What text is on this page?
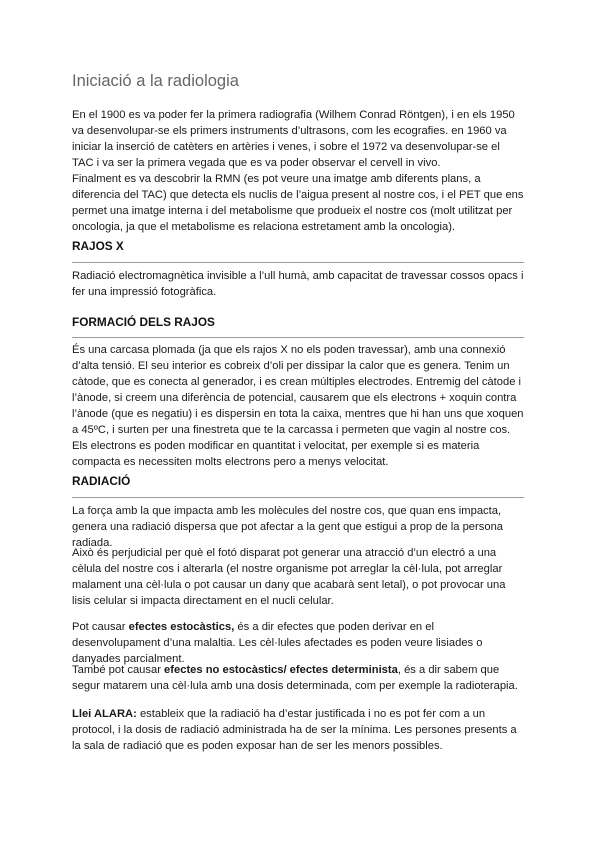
Iniciació a la radiologia

En el 1900 es va poder fer la primera radiografia (Wilhem Conrad Röntgen), i en els 1950 va desenvolupar-se els primers instruments d’ultrasons, com les ecografies. en 1960 va iniciar la inserció de catèters en artèries i venes, i sobre el 1972 va desenvolupar-se el TAC i va ser la primera vegada que es va poder observar el cervell in vivo.

Finalment es va descobrir la RMN (es pot veure una imatge amb diferents plans, a diferencia del TAC) que detecta els nuclis de l’aigua present al nostre cos, i el PET que ens permet una imatge interna i del metabolisme que produeix el nostre cos (molt utilitzat per oncologia, ja que el metabolisme es relaciona estretament amb la oncologia).

RAJOS X

Radiació electromagnètica invisible a l’ull humà, amb capacitat de travessar cossos opacs i fer una impressió fotogràfica.

FORMACIÓ DELS RAJOS

És una carcasa plomada (ja que els rajos X no els poden travessar), amb una connexió d’alta tensió. El seu interior es cobreix d’oli per dissipar la calor que es genera. Tenim un càtode, que es conecta al generador, i es crean múltiples electrodes. Entremig del càtode i l’ànode, si creem una diferència de potencial, causarem que els electrons + xoquin contra l’ànode (que es negatiu) i es dispersin en tota la caixa, mentres que hi han uns que xoquen a 45ºC, i surten per una finestreta que te la carcassa i permeten que vagin al nostre cos. Els electrons es poden modificar en quantitat i velocitat, per exemple si es materia compacta es necessiten molts electrons pero a menys velocitat.

RADIACIÓ

La força amb la que impacta amb les molècules del nostre cos, que quan ens impacta, genera una radiació dispersa que pot afectar a la gent que estigui a prop de la persona radiada.

Això és perjudicial per què el fotó disparat pot generar una atracció d’un electró a una cèlula del nostre cos i alterarla (el nostre organisme pot arreglar la cèl·lula, pot arreglar malament una cèl·lula o pot causar un dany que acabarà sent letal), o pot provocar una lisis celular si impacta directament en el nucli celular.

Pot causar efectes estocàstics, és a dir efectes que poden derivar en el desenvolupament d’una malaltia. Les cèl·lules afectades es poden veure lisiades o danyades parcialment.

També pot causar efectes no estocàstics/ efectes determinista, és a dir sabem que segur matarem una cèl·lula amb una dosis determinada, com per exemple la radioterapia.

Llei ALARA: estableix que la radiació ha d’estar justificada i no es pot fer com a un protocol, i la dosis de radiació administrada ha de ser la mínima. Les persones presents a la sala de radiació que es poden exposar han de ser les menors possibles.
